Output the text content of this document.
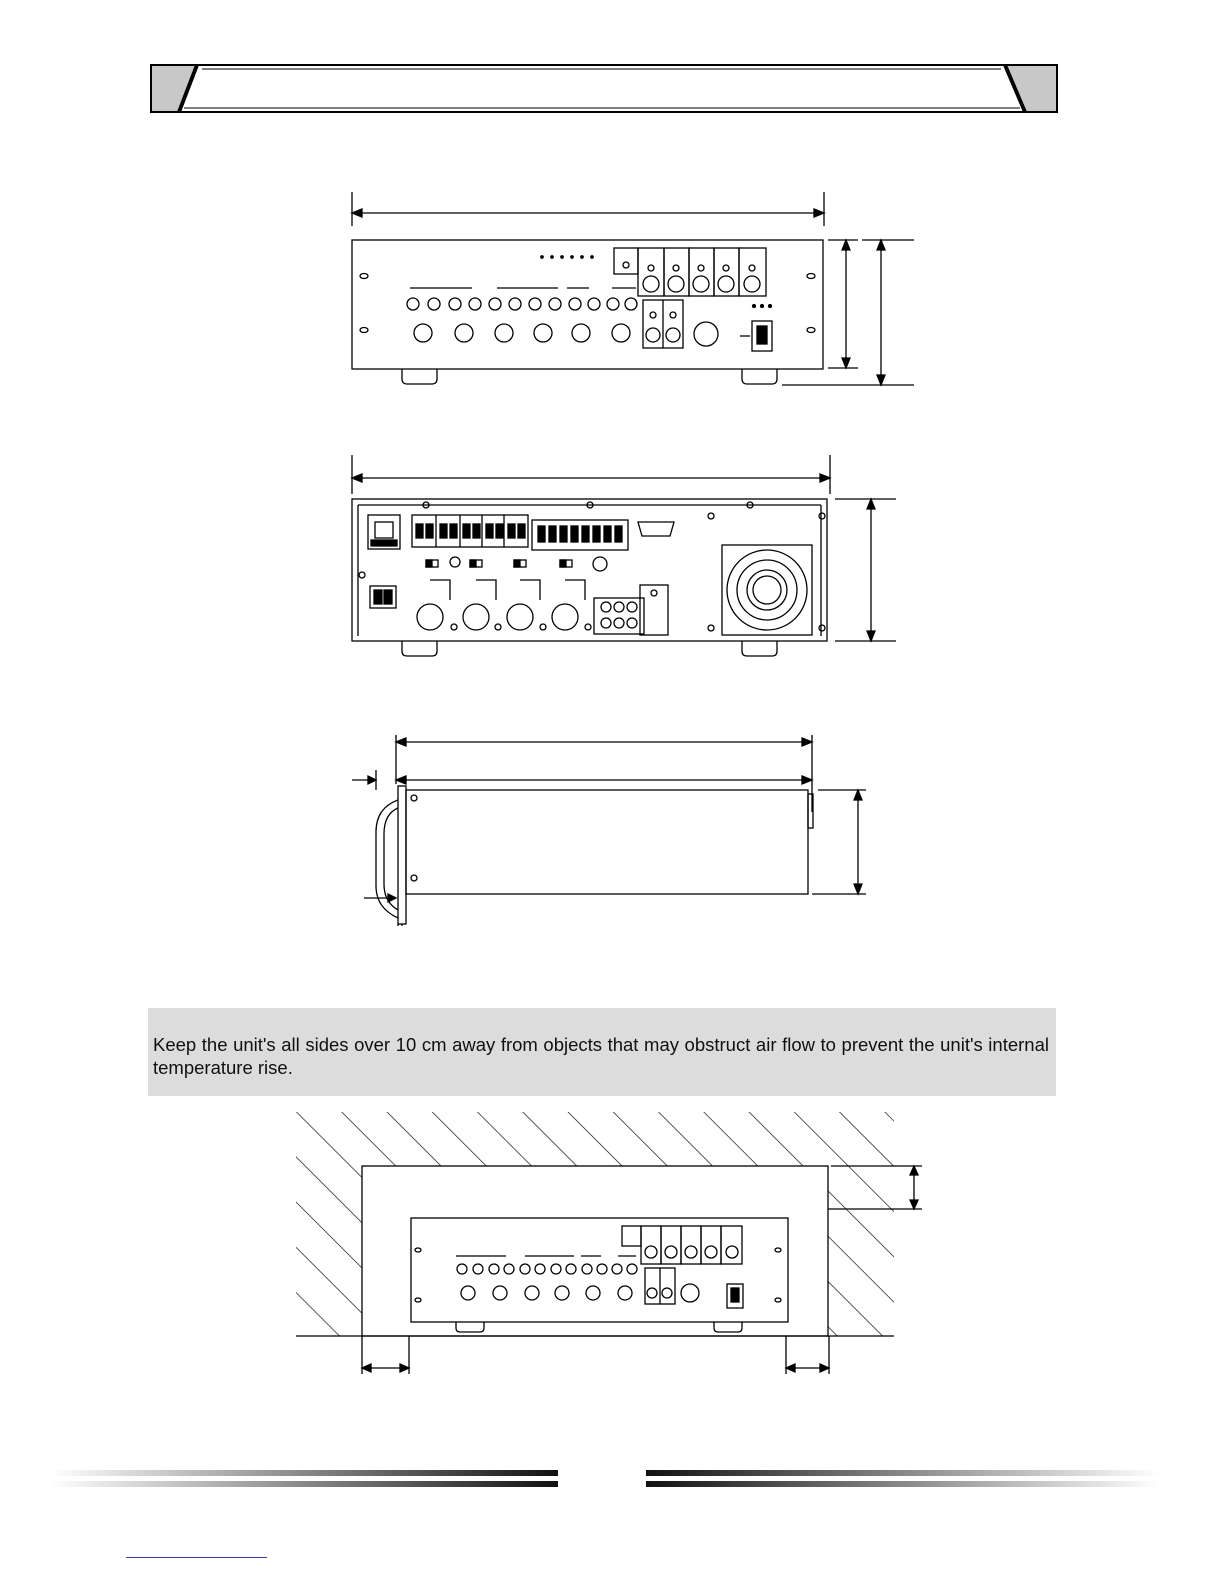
Keep the unit's all sides over 10 cm away from objects that may obstruct air flow to prevent the unit's internal temperature rise.
